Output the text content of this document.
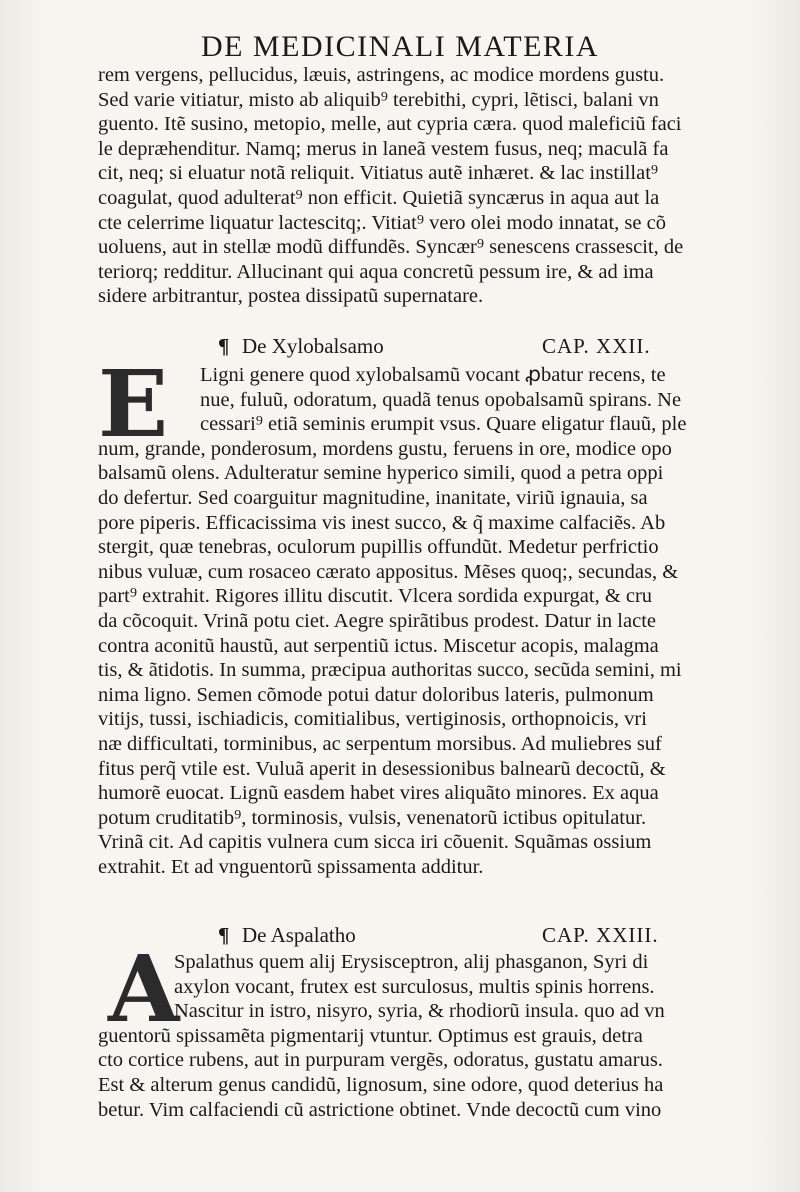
DE MEDICINALI MATERIA
rem vergens, pellucidus, læuis, astringens, ac modice mordens gustu.
Sed varie vitiatur, misto ab aliquib⁹ terebithi, cypri, lẽtisci, balani vn
guento. Itẽ susino, metopio, melle, aut cypria cæra. quod maleficiũ faci
le depræhenditur. Namq; merus in laneã vestem fusus, neq; maculã fa
cit, neq; si eluatur notã reliquit. Vitiatus autẽ inhæret. & lac instillat⁹
coagulat, quod adulterat⁹ non efficit. Quietiã syncærus in aqua aut la
cte celerrime liquatur lactescitq;. Vitiat⁹ vero olei modo innatat, se cõ
uoluens, aut in stellæ modũ diffundẽs. Syncær⁹ senescens crassescit, de
teriorq; redditur. Allucinant qui aqua concretũ pessum ire, & ad ima
sidere arbitrantur, postea dissipatũ supernatare.
¶ De Xylobalsamo	CAP. XXII.
E	Ligni genere quod xylobalsamũ vocant ꝓbatur recens, te
nue, fuluũ, odoratum, quadã tenus opobalsamũ spirans. Ne
cessari⁹ etiã seminis erumpit vsus. Quare eligatur flauũ, ple
num, grande, ponderosum, mordens gustu, feruens in ore, modice opo
balsamũ olens. Adulteratur semine hyperico simili, quod a petra oppi
do defertur. Sed coarguitur magnitudine, inanitate, viriũ ignauia, sa
pore piperis. Efficacissima vis inest succo, & q̃ maxime calfaciẽs. Ab
stergit, quæ tenebras, oculorum pupillis offundũt. Medetur perfrictio
nibus vuluæ, cum rosaceo cærato appositus. Mẽses quoq;, secundas, &
part⁹ extrahit. Rigores illitu discutit. Vlcera sordida expurgat, & cru
da cõcoquit. Vrinã potu ciet. Aegre spirãtibus prodest. Datur in lacte
contra aconitũ haustũ, aut serpentiũ ictus. Miscetur acopis, malagma
tis, & ãtidotis. In summa, præcipua authoritas succo, secũda semini, mi
nima ligno. Semen cõmode potui datur doloribus lateris, pulmonum
vitijs, tussi, ischiadicis, comitialibus, vertiginosis, orthopnoicis, vri
næ difficultati, torminibus, ac serpentum morsibus. Ad muliebres suf
fitus perq̃ vtile est. Vuluã aperit in desessionibus balnearũ decoctũ, &
humorẽ euocat. Lignũ easdem habet vires aliquãto minores. Ex aqua
potum cruditatib⁹, torminosis, vulsis, venenatorũ ictibus opitulatur.
Vrinã cit. Ad capitis vulnera cum sicca iri cõuenit. Squãmas ossium
extrahit. Et ad vnguentorũ spissamenta additur.
¶ De Aspalatho	CAP. XXIII.
A
Spalathus quem alij Erysisceptron, alij phasganon, Syri di
axylon vocant, frutex est surculosus, multis spinis horrens.
Nascitur in istro, nisyro, syria, & rhodiorũ insula. quo ad vn
guentorũ spissamẽta pigmentarij vtuntur. Optimus est grauis, detra
cto cortice rubens, aut in purpuram vergẽs, odoratus, gustatu amarus.
Est & alterum genus candidũ, lignosum, sine odore, quod deterius ha
betur. Vim calfaciendi cũ astrictione obtinet. Vnde decoctũ cum vino
